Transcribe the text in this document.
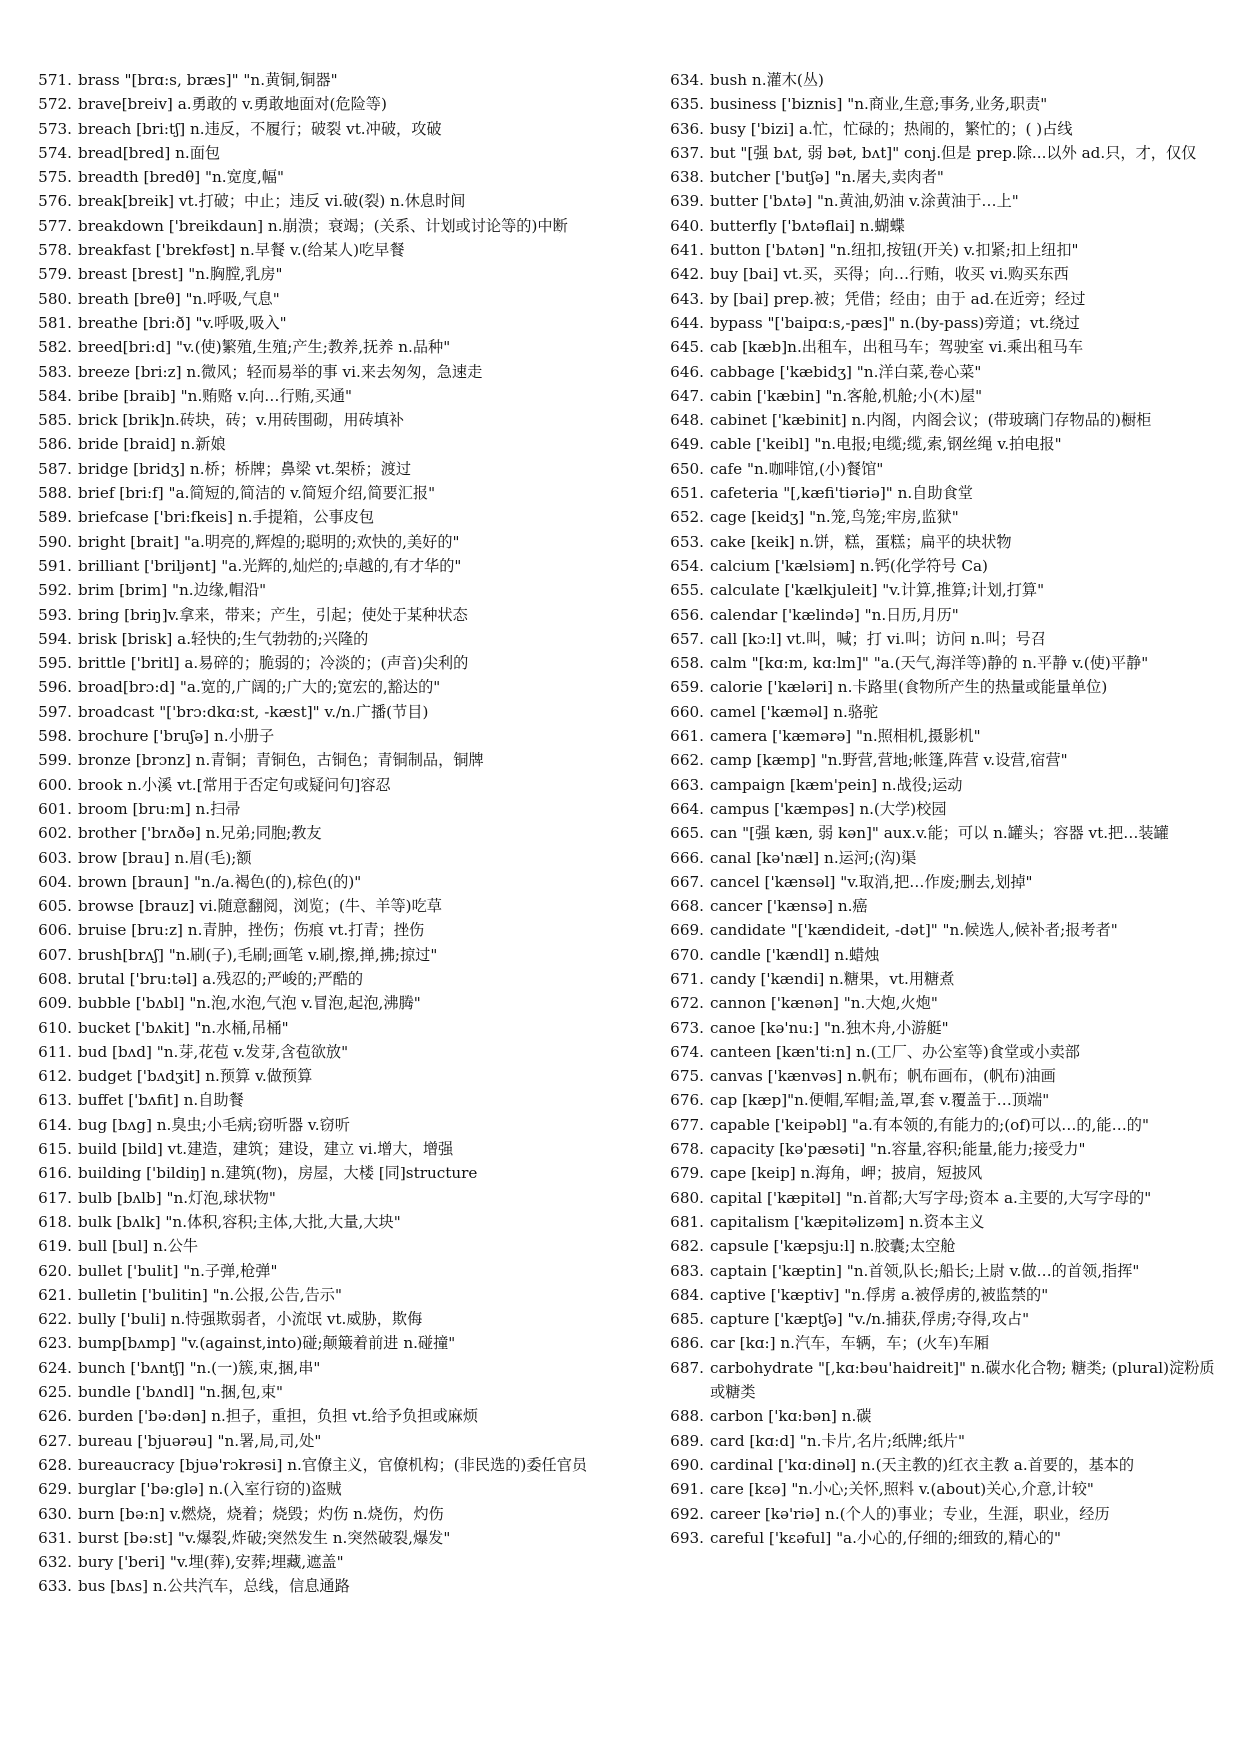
571. brass "[brɑ:s, bræs]" "n.黄铜,铜器"
572. brave[breiv] a.勇敢的 v.勇敢地面对(危险等)
573. breach [bri:tʃ] n.违反，不履行；破裂 vt.冲破，攻破
574. bread[bred] n.面包
575. breadth [bredθ] "n.宽度,幅"
576. break[breik] vt.打破；中止；违反 vi.破(裂) n.休息时间
577. breakdown ['breikdaun] n.崩溃；衰竭；(关系、计划或讨论等的)中断
578. breakfast ['brekfəst] n.早餐 v.(给某人)吃早餐
579. breast [brest] "n.胸膛,乳房"
580. breath [breθ] "n.呼吸,气息"
581. breathe [bri:ð] "v.呼吸,吸入"
582. breed[bri:d] "v.(使)繁殖,生殖;产生;教养,抚养 n.品种"
583. breeze [bri:z] n.微风；轻而易举的事 vi.来去匆匆，急速走
584. bribe [braib] "n.贿赂 v.向…行贿,买通"
585. brick [brik]n.砖块，砖；v.用砖围砌，用砖填补
586. bride [braid] n.新娘
587. bridge [bridʒ] n.桥；桥牌；鼻梁 vt.架桥；渡过
588. brief [bri:f] "a.简短的,简洁的 v.简短介绍,简要汇报"
589. briefcase ['bri:fkeis] n.手提箱，公事皮包
590. bright [brait] "a.明亮的,辉煌的;聪明的;欢快的,美好的"
591. brilliant ['briljənt] "a.光辉的,灿烂的;卓越的,有才华的"
592. brim [brim] "n.边缘,帽沿"
593. bring [briŋ]v.拿来，带来；产生，引起；使处于某种状态
594. brisk [brisk] a.轻快的;生气勃勃的;兴隆的
595. brittle ['britl] a.易碎的；脆弱的；冷淡的；(声音)尖利的
596. broad[brɔ:d] "a.宽的,广阔的;广大的;宽宏的,豁达的"
597. broadcast "['brɔ:dkɑ:st, -kæst]" v./n.广播(节目)
598. brochure ['bruʃə] n.小册子
599. bronze [brɔnz] n.青铜；青铜色，古铜色；青铜制品，铜牌
600. brook n.小溪 vt.[常用于否定句或疑问句]容忍
601. broom [bru:m] n.扫帚
602. brother ['brʌðə] n.兄弟;同胞;教友
603. brow [brau] n.眉(毛);额
604. brown [braun] "n./a.褐色(的),棕色(的)"
605. browse [brauz] vi.随意翻阅，浏览；(牛、羊等)吃草
606. bruise [bru:z] n.青肿，挫伤；伤痕 vt.打青；挫伤
607. brush[brʌʃ] "n.刷(子),毛刷;画笔 v.刷,擦,掸,拂;掠过"
608. brutal ['bru:təl] a.残忍的;严峻的;严酷的
609. bubble ['bʌbl] "n.泡,水泡,气泡 v.冒泡,起泡,沸腾"
610. bucket ['bʌkit] "n.水桶,吊桶"
611. bud [bʌd] "n.芽,花苞 v.发芽,含苞欲放"
612. budget ['bʌdʒit] n.预算 v.做预算
613. buffet ['bʌfit] n.自助餐
614. bug [bʌg] n.臭虫;小毛病;窃听器 v.窃听
615. build [bild] vt.建造，建筑；建设，建立 vi.增大，增强
616. building ['bildiŋ] n.建筑(物)，房屋，大楼 [同]structure
617. bulb [bʌlb] "n.灯泡,球状物"
618. bulk [bʌlk] "n.体积,容积;主体,大批,大量,大块"
619. bull [bul] n.公牛
620. bullet ['bulit] "n.子弹,枪弹"
621. bulletin ['bulitin] "n.公报,公告,告示"
622. bully ['buli] n.恃强欺弱者，小流氓 vt.威胁，欺侮
623. bump[bʌmp] "v.(against,into)碰;颠簸着前进 n.碰撞"
624. bunch ['bʌntʃ] "n.(一)簇,束,捆,串"
625. bundle ['bʌndl] "n.捆,包,束"
626. burden ['bə:dən] n.担子，重担，负担 vt.给予负担或麻烦
627. bureau ['bjuərəu] "n.署,局,司,处"
628. bureaucracy [bjuə'rɔkrəsi] n.官僚主义，官僚机构；(非民选的)委任官员
629. burglar ['bə:glə] n.(入室行窃的)盗贼
630. burn [bə:n] v.燃烧，烧着；烧毁；灼伤 n.烧伤，灼伤
631. burst [bə:st] "v.爆裂,炸破;突然发生 n.突然破裂,爆发"
632. bury ['beri] "v.埋(葬),安葬;埋藏,遮盖"
633. bus [bʌs] n.公共汽车，总线，信息通路
634. bush n.灌木(丛)
635. business ['biznis] "n.商业,生意;事务,业务,职责"
636. busy ['bizi] a.忙，忙碌的；热闹的，繁忙的；( )占线
637. but "[强 bʌt, 弱 bət, bʌt]" conj.但是 prep.除...以外 ad.只，才，仅仅
638. butcher ['butʃə] "n.屠夫,卖肉者"
639. butter ['bʌtə] "n.黄油,奶油 v.涂黄油于…上"
640. butterfly ['bʌtəflai] n.蝴蝶
641. button ['bʌtən] "n.纽扣,按钮(开关) v.扣紧;扣上纽扣"
642. buy [bai] vt.买，买得；向…行贿，收买 vi.购买东西
643. by [bai] prep.被；凭借；经由；由于 ad.在近旁；经过
644. bypass "['baipɑ:s,-pæs]" n.(by-pass)旁道；vt.绕过
645. cab [kæb]n.出租车，出租马车；驾驶室 vi.乘出租马车
646. cabbage ['kæbidʒ] "n.洋白菜,卷心菜"
647. cabin ['kæbin] "n.客舱,机舱;小(木)屋"
648. cabinet ['kæbinit] n.内阁，内阁会议；(带玻璃门存物品的)橱柜
649. cable ['keibl] "n.电报;电缆;缆,索,钢丝绳 v.拍电报"
650. cafe "n.咖啡馆,(小)餐馆"
651. cafeteria "[,kæfi'tiəriə]" n.自助食堂
652. cage [keidʒ] "n.笼,鸟笼;牢房,监狱"
653. cake [keik] n.饼，糕，蛋糕；扁平的块状物
654. calcium ['kælsiəm] n.钙(化学符号 Ca)
655. calculate ['kælkjuleit] "v.计算,推算;计划,打算"
656. calendar ['kælində] "n.日历,月历"
657. call [kɔ:l] vt.叫，喊；打 vi.叫；访问 n.叫；号召
658. calm "[kɑ:m, kɑ:lm]" "a.(天气,海洋等)静的 n.平静 v.(使)平静"
659. calorie ['kæləri] n.卡路里(食物所产生的热量或能量单位)
660. camel ['kæməl] n.骆驼
661. camera ['kæmərə] "n.照相机,摄影机"
662. camp [kæmp] "n.野营,营地;帐篷,阵营 v.设营,宿营"
663. campaign [kæm'pein] n.战役;运动
664. campus ['kæmpəs] n.(大学)校园
665. can "[强 kæn, 弱 kən]" aux.v.能；可以 n.罐头；容器 vt.把…装罐
666. canal [kə'næl] n.运河;(沟)渠
667. cancel ['kænsəl] "v.取消,把…作废;删去,划掉"
668. cancer ['kænsə] n.癌
669. candidate "['kændideit, -dət]" "n.候选人,候补者;报考者"
670. candle ['kændl] n.蜡烛
671. candy ['kændi] n.糖果，vt.用糖煮
672. cannon ['kænən] "n.大炮,火炮"
673. canoe [kə'nu:] "n.独木舟,小游艇"
674. canteen [kæn'ti:n] n.(工厂、办公室等)食堂或小卖部
675. canvas ['kænvəs] n.帆布；帆布画布，(帆布)油画
676. cap [kæp]"n.便帽,军帽;盖,罩,套 v.覆盖于…顶端"
677. capable ['keipəbl] "a.有本领的,有能力的;(of)可以…的,能…的"
678. capacity [kə'pæsəti] "n.容量,容积;能量,能力;接受力"
679. cape [keip] n.海角，岬；披肩，短披风
680. capital ['kæpitəl] "n.首都;大写字母;资本 a.主要的,大写字母的"
681. capitalism ['kæpitəlizəm] n.资本主义
682. capsule ['kæpsju:l] n.胶囊;太空舱
683. captain ['kæptin] "n.首领,队长;船长;上尉 v.做…的首领,指挥"
684. captive ['kæptiv] "n.俘虏 a.被俘虏的,被监禁的"
685. capture ['kæptʃə] "v./n.捕获,俘虏;夺得,攻占"
686. car [kɑ:] n.汽车，车辆，车；(火车)车厢
687. carbohydrate "[,kɑ:bəu'haidreit]" n.碳水化合物; 糖类; (plural)淀粉质或糖类
688. carbon ['kɑ:bən] n.碳
689. card [kɑ:d] "n.卡片,名片;纸牌;纸片"
690. cardinal ['kɑ:dinəl] n.(天主教的)红衣主教 a.首要的，基本的
691. care [kɛə] "n.小心;关怀,照料 v.(about)关心,介意,计较"
692. career [kə'riə] n.(个人的)事业；专业，生涯，职业，经历
693. careful ['kɛəful] "a.小心的,仔细的;细致的,精心的"
